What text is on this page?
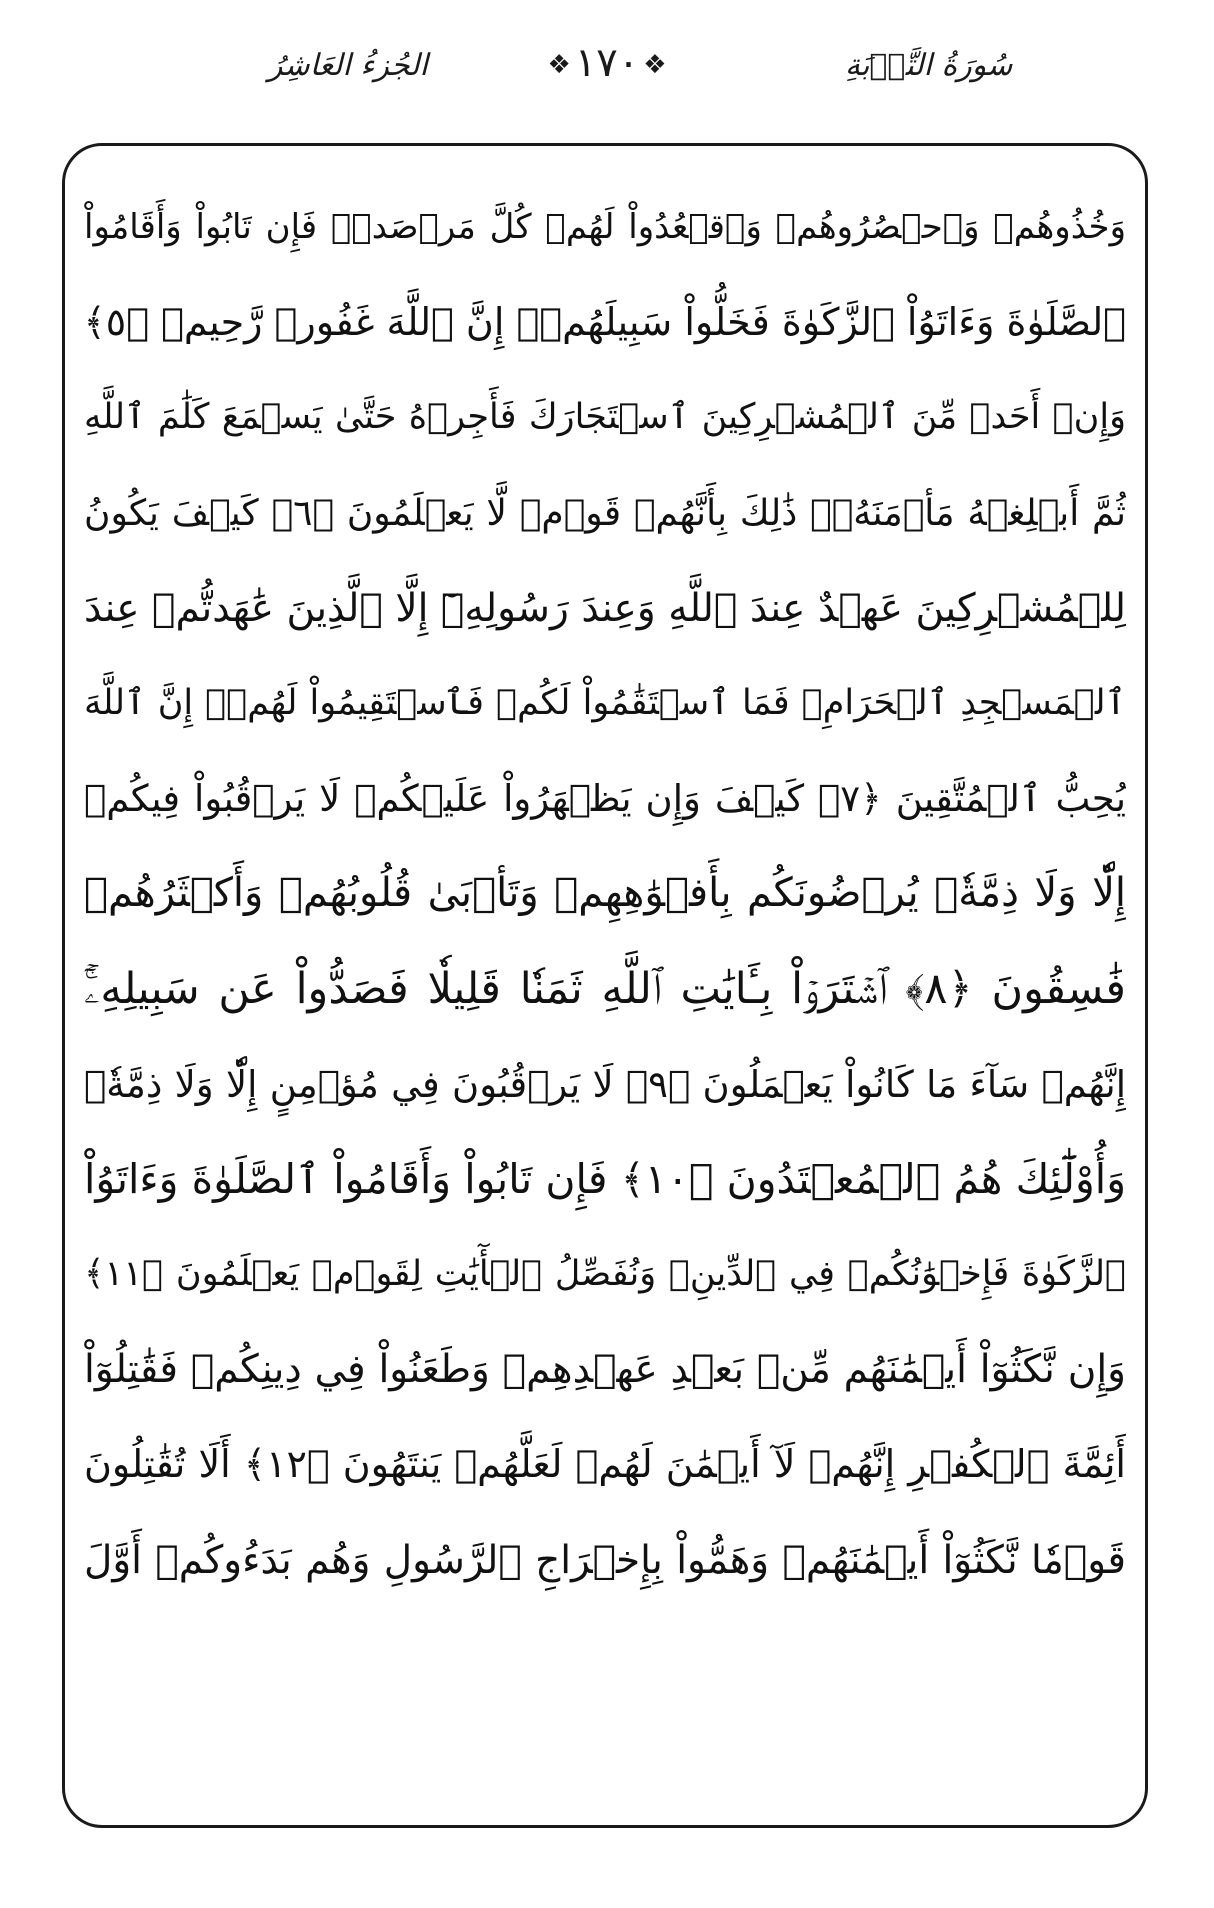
الجُزءُ العَاشِرُ	❖١٧٠❖	سُورَةُ التَّوۡبَةِ
وَخُذُوهُمۡ وَٱحۡصُرُوهُمۡ وَٱقۡعُدُواْ لَهُمۡ كُلَّ مَرۡصَدٖۚ فَإِن تَابُواْ وَأَقَامُواْ
ٱلصَّلَوٰةَ وَءَاتَوُاْ ٱلزَّكَوٰةَ فَخَلُّواْ سَبِيلَهُمۡۚ إِنَّ ٱللَّهَ غَفُورٞ رَّحِيمٞ ﴿٥﴾
وَإِنۡ أَحَدٞ مِّنَ ٱلۡمُشۡرِكِينَ ٱسۡتَجَارَكَ فَأَجِرۡهُ حَتَّىٰ يَسۡمَعَ كَلَٰمَ ٱللَّهِ
ثُمَّ أَبۡلِغۡهُ مَأۡمَنَهُۥۚ ذَٰلِكَ بِأَنَّهُمۡ قَوۡمٞ لَّا يَعۡلَمُونَ ﴿٦﴾ كَيۡفَ يَكُونُ
لِلۡمُشۡرِكِينَ عَهۡدٌ عِندَ ٱللَّهِ وَعِندَ رَسُولِهِۦٓ إِلَّا ٱلَّذِينَ عَٰهَدتُّمۡ عِندَ
ٱلۡمَسۡجِدِ ٱلۡحَرَامِۖ فَمَا ٱسۡتَقَٰمُواْ لَكُمۡ فَٱسۡتَقِيمُواْ لَهُمۡۚ إِنَّ ٱللَّهَ
يُحِبُّ ٱلۡمُتَّقِينَ ﴿٧﴾ كَيۡفَ وَإِن يَظۡهَرُواْ عَلَيۡكُمۡ لَا يَرۡقُبُواْ فِيكُمۡ
إِلّٗا وَلَا ذِمَّةٗۚ يُرۡضُونَكُم بِأَفۡوَٰهِهِمۡ وَتَأۡبَىٰ قُلُوبُهُمۡ وَأَكۡثَرُهُمۡ
فَٰسِقُونَ ﴿٨﴾ ٱشۡتَرَوۡاْ بِـَٔايَٰتِ ٱللَّهِ ثَمَنٗا قَلِيلٗا فَصَدُّواْ عَن سَبِيلِهِۦٓۚ
إِنَّهُمۡ سَآءَ مَا كَانُواْ يَعۡمَلُونَ ﴿٩﴾ لَا يَرۡقُبُونَ فِي مُؤۡمِنٍ إِلّٗا وَلَا ذِمَّةٗۚ
وَأُوْلَٰٓئِكَ هُمُ ٱلۡمُعۡتَدُونَ ﴿١٠﴾ فَإِن تَابُواْ وَأَقَامُواْ ٱلصَّلَوٰةَ وَءَاتَوُاْ
ٱلزَّكَوٰةَ فَإِخۡوَٰنُكُمۡ فِي ٱلدِّينِۗ وَنُفَصِّلُ ٱلۡأٓيَٰتِ لِقَوۡمٖ يَعۡلَمُونَ ﴿١١﴾
وَإِن نَّكَثُوٓاْ أَيۡمَٰنَهُم مِّنۢ بَعۡدِ عَهۡدِهِمۡ وَطَعَنُواْ فِي دِينِكُمۡ فَقَٰتِلُوٓاْ
أَئِمَّةَ ٱلۡكُفۡرِ إِنَّهُمۡ لَآ أَيۡمَٰنَ لَهُمۡ لَعَلَّهُمۡ يَنتَهُونَ ﴿١٢﴾ أَلَا تُقَٰتِلُونَ
قَوۡمٗا نَّكَثُوٓاْ أَيۡمَٰنَهُمۡ وَهَمُّواْ بِإِخۡرَاجِ ٱلرَّسُولِ وَهُم بَدَءُوكُمۡ أَوَّلَ
